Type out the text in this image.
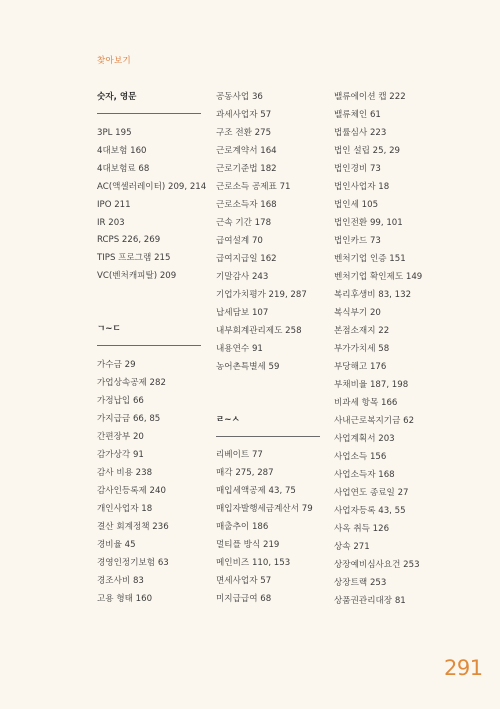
찾아보기
숫자, 영문
3PL 195
4대보험 160
4대보험료 68
AC(액셀러레이터) 209, 214
IPO 211
IR 203
RCPS 226, 269
TIPS 프로그램 215
VC(벤처캐피탈) 209
ㄱ~ㄷ
가수금 29
가업상속공제 282
가정납입 66
가지급금 66, 85
간편장부 20
감가상각 91
감사 비용 238
감사인등록제 240
개인사업자 18
결산 회계정책 236
경비율 45
경영인정기보험 63
경조사비 83
고용 형태 160
공동사업 36
과세사업자 57
구조 전환 275
근로계약서 164
근로기준법 182
근로소득 공제표 71
근로소득자 168
근속 기간 178
급여설계 70
급여지급일 162
기말감사 243
기업가치평가 219, 287
납세담보 107
내부회계관리제도 258
내용연수 91
농어촌특별세 59
ㄹ~ㅅ
리베이트 77
매각 275, 287
매입세액공제 43, 75
매입자발행세금계산서 79
매출추이 186
멀티플 방식 219
메인비즈 110, 153
면세사업자 57
미지급급여 68
밸류에이션 캡 222
밸류체인 61
법률심사 223
법인 설립 25, 29
법인경비 73
법인사업자 18
법인세 105
법인전환 99, 101
법인카드 73
벤처기업 인증 151
벤처기업 확인제도 149
복리후생비 83, 132
복식부기 20
본점소재지 22
부가가치세 58
부당해고 176
부채비율 187, 198
비과세 항목 166
사내근로복지기금 62
사업계획서 203
사업소득 156
사업소득자 168
사업연도 종료일 27
사업자등록 43, 55
사옥 취득 126
상속 271
상장예비심사요건 253
상장트랙 253
상품권관리대장 81
291
